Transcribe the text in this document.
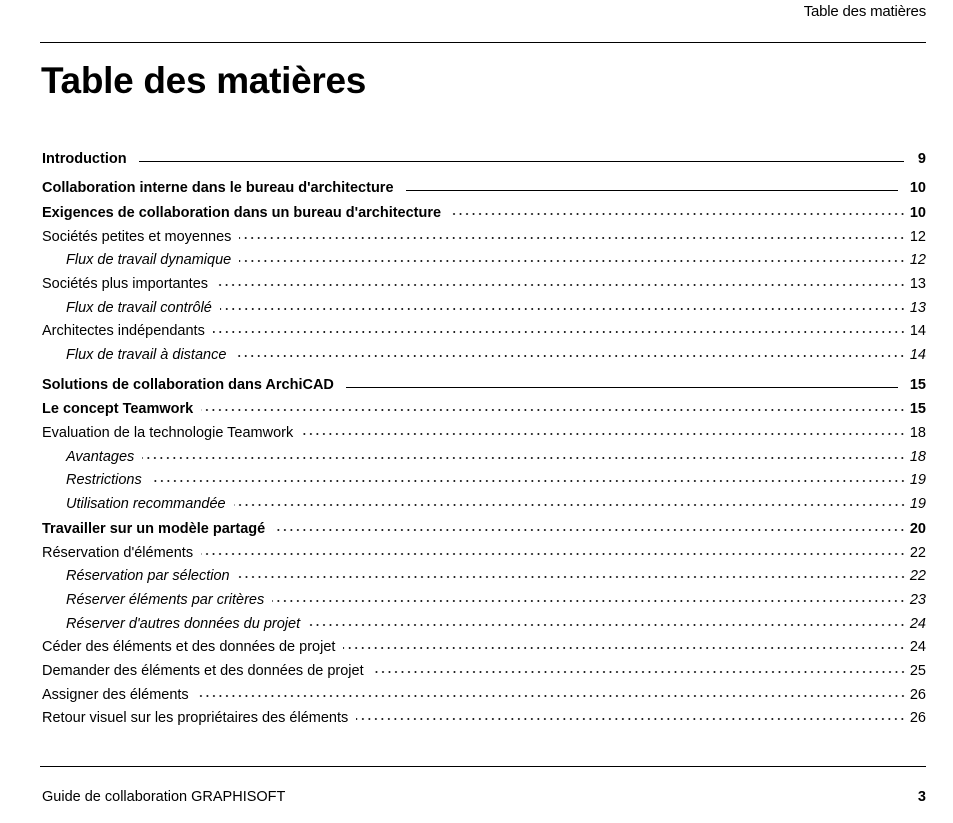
Table des matières
Table des matières
Introduction	9
Collaboration interne dans le bureau d'architecture	10
Exigences de collaboration dans un bureau d'architecture	10
Sociétés petites et moyennes	12
Flux de travail dynamique	12
Sociétés plus importantes	13
Flux de travail contrôlé	13
Architectes indépendants	14
Flux de travail à distance	14
Solutions de collaboration dans ArchiCAD	15
Le concept Teamwork	15
Evaluation de la technologie Teamwork	18
Avantages	18
Restrictions	19
Utilisation recommandée	19
Travailler sur un modèle partagé	20
Réservation d'éléments	22
Réservation par sélection	22
Réserver éléments par critères	23
Réserver d'autres données du projet	24
Céder des éléments et des données de projet	24
Demander des éléments et des données de projet	25
Assigner des éléments	26
Retour visuel sur les propriétaires des éléments	26
Guide de collaboration GRAPHISOFT	3
